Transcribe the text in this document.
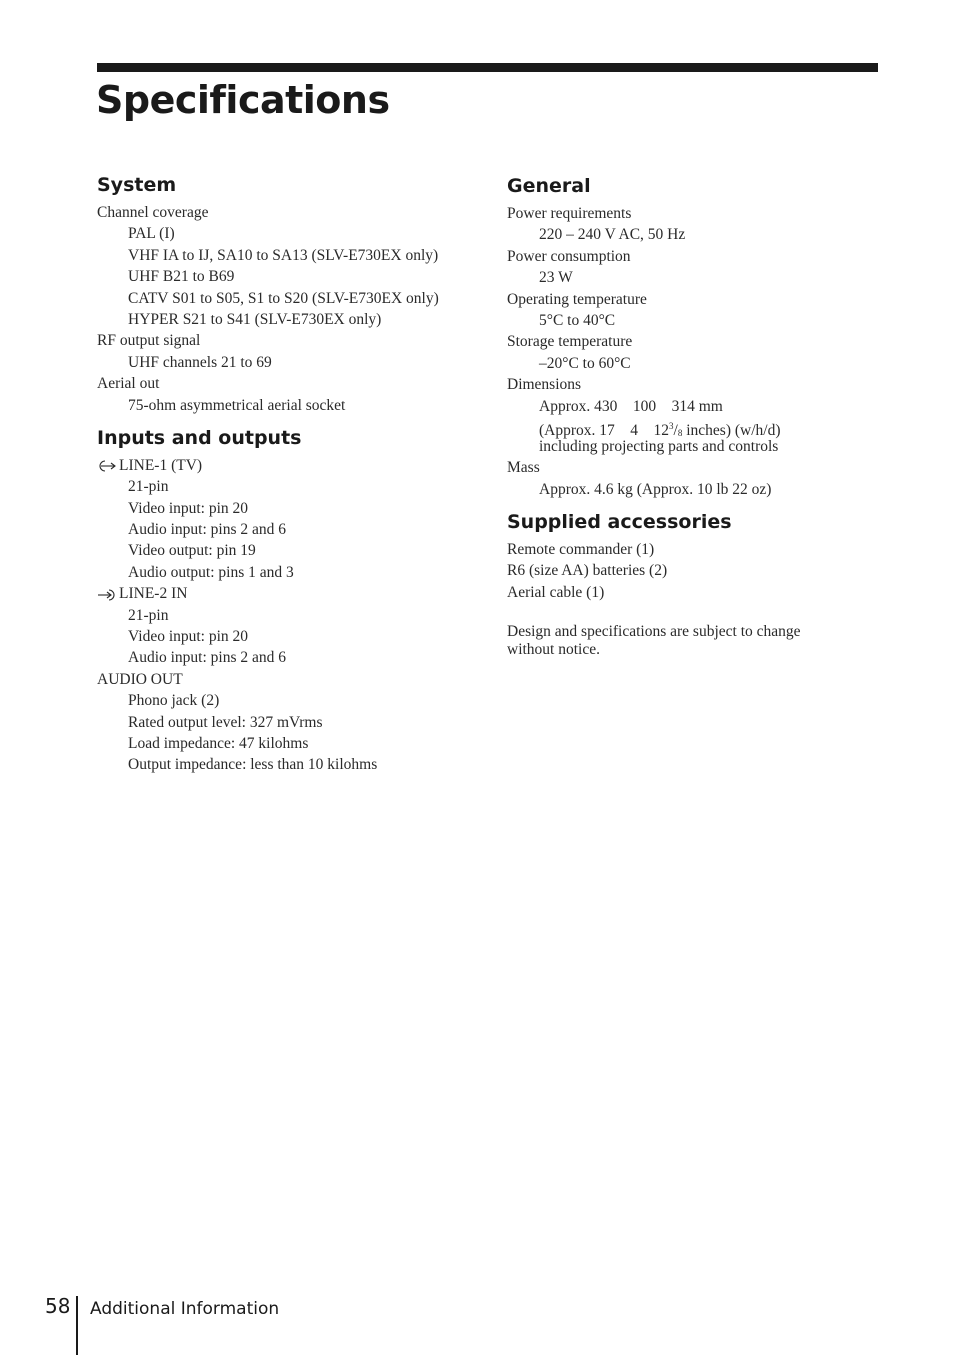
Specifications
System
Channel coverage
PAL (I)
VHF IA to IJ, SA10 to SA13 (SLV-E730EX only)
UHF B21 to B69
CATV S01 to S05, S1 to S20 (SLV-E730EX only)
HYPER S21 to S41 (SLV-E730EX only)
RF output signal
UHF channels 21 to 69
Aerial out
75-ohm asymmetrical aerial socket
Inputs and outputs
LINE-1 (TV)
21-pin
Video input: pin 20
Audio input: pins 2 and 6
Video output: pin 19
Audio output: pins 1 and 3
LINE-2 IN
21-pin
Video input: pin 20
Audio input: pins 2 and 6
AUDIO OUT
Phono jack (2)
Rated output level: 327 mVrms
Load impedance: 47 kilohms
Output impedance: less than 10 kilohms
General
Power requirements
220 – 240 V AC, 50 Hz
Power consumption
23 W
Operating temperature
5°C to 40°C
Storage temperature
–20°C to 60°C
Dimensions
Approx. 430    100    314 mm
(Approx. 17    4    $12^3/_8$ inches) (w/h/d)
including projecting parts and controls
Mass
Approx. 4.6 kg (Approx. 10 lb 22 oz)
Supplied accessories
Remote commander (1)
R6 (size AA) batteries (2)
Aerial cable (1)
Design and specifications are subject to change without notice.
58 Additional Information
